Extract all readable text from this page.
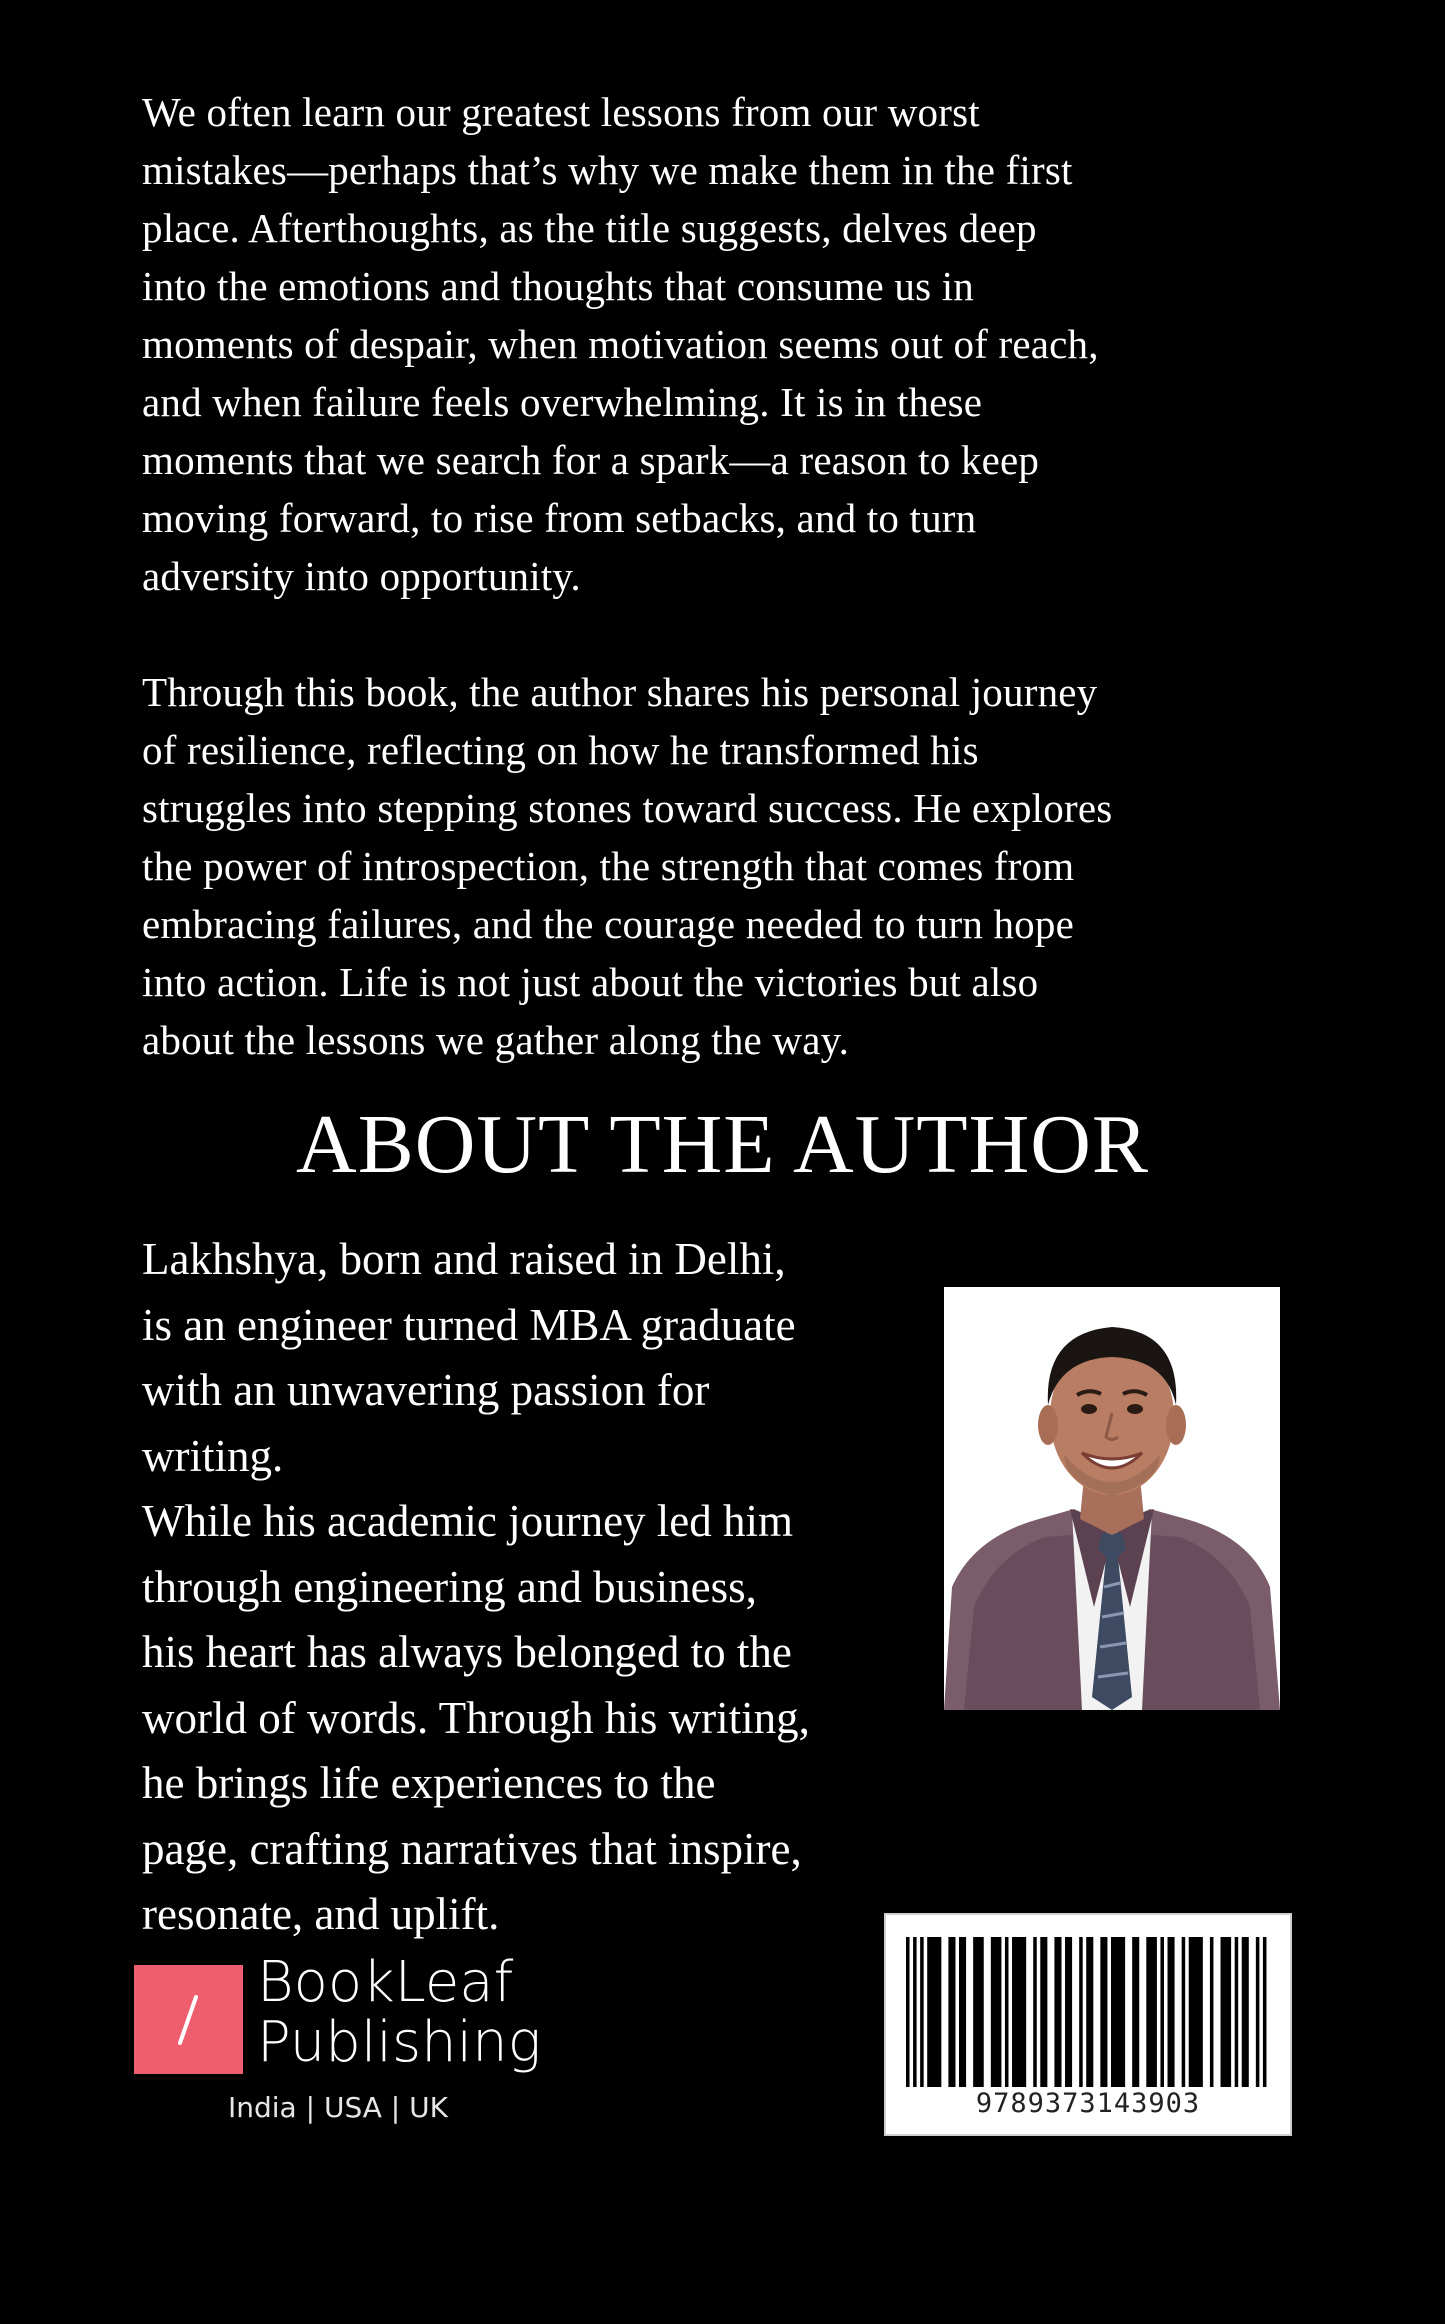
We often learn our greatest lessons from our worst
mistakes—perhaps that’s why we make them in the first
place. Afterthoughts, as the title suggests, delves deep
into the emotions and thoughts that consume us in
moments of despair, when motivation seems out of reach,
and when failure feels overwhelming. It is in these
moments that we search for a spark—a reason to keep
moving forward, to rise from setbacks, and to turn
adversity into opportunity.
Through this book, the author shares his personal journey
of resilience, reflecting on how he transformed his
struggles into stepping stones toward success. He explores
the power of introspection, the strength that comes from
embracing failures, and the courage needed to turn hope
into action. Life is not just about the victories but also
about the lessons we gather along the way.
ABOUT THE AUTHOR
Lakhshya, born and raised in Delhi,
is an engineer turned MBA graduate
with an unwavering passion for
writing.
While his academic journey led him
through engineering and business,
his heart has always belonged to the
world of words. Through his writing,
he brings life experiences to the
page, crafting narratives that inspire,
resonate, and uplift.
BookLeaf
Publishing
India | USA | UK	9789373143903
